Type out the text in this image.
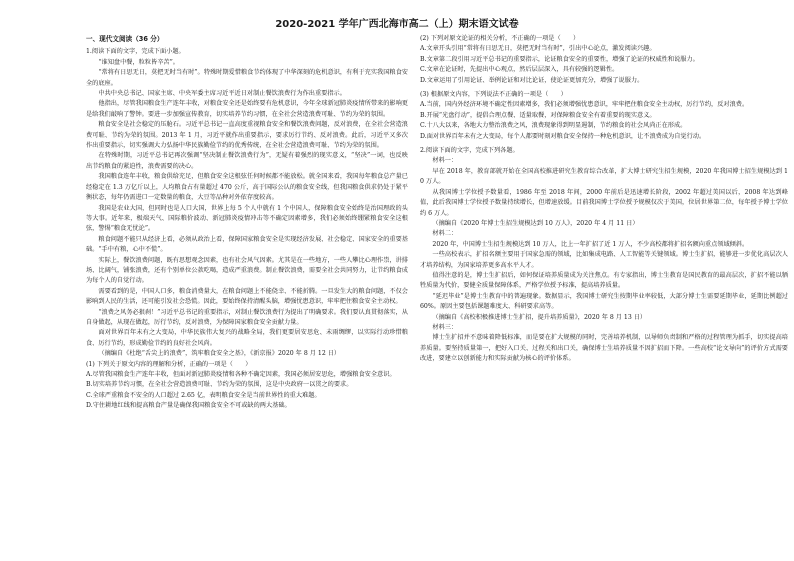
2020-2021 学年广西北海市高二（上）期末语文试卷
一、现代文阅读（36 分）

1.阅读下面的文字，完成下面小题。

“谁知盘中餐，粒粒皆辛苦”。

“常将有日思无日，莫把无时当有时”。特殊时期爱惜粮食节约体现了中华深刻的危机意识，有利于充实我国粮食安全的底座。

中共中央总书记、国家主席、中央军委主席习近平近日对制止餐饮浪费行为作出重要指示。

他指出，尽管我国粮食生产连年丰收，对粮食安全还是始终要有危机意识，今年全球新冠肺炎疫情所带来的影响更是给我们敲响了警钟。要进一步加强宣传教育，切实培养节约习惯，在全社会营造浪费可耻、节约为荣的氛围。

粮食安全是社会稳定的压舱石。习近平总书记一直高度重视粮食安全和餐饮浪费问题，反对浪费，在全社会营造浪费可耻、节约为荣的氛围。2013 年 1 月，习近平就作出重要指示，要求厉行节约、反对浪费。此后，习近平又多次作出重要指示，切实强调大力弘扬中华民族勤俭节约的优秀传统，在全社会营造浪费可耻、节约为荣的氛围。

在特殊时期，习近平总书记再次强调“坚决制止餐饮浪费行为”，无疑有着强烈的现实意义，“坚决”一词，也反映出节约粮食的紧迫性，浪费需要的决心。

我国粮食连年丰收，粮食供给充足，但粮食安全这根弦任何时候都不能放松。就全国来看，我国每年粮食总产量已经稳定在 1.3 万亿斤以上，人均粮食占有量超过 470 公斤，高于国际公认的粮食安全线，但我国粮食供求仍处于紧平衡状态，每年仍需进口一定数量的粮食，大豆等品种对外依存度较高。

我国是农业大国，但同时也是人口大国，世界上每 5 个人中就有 1 个中国人，保障粮食安全始终是治国理政的头等大事。近年来，极端天气、国际粮价波动、新冠肺炎疫情冲击等不确定因素增多，我们必须始终绷紧粮食安全这根弦，警惕“粮食无忧论”。

粮食问题不能只从经济上看，必须从政治上看，保障国家粮食安全是实现经济发展、社会稳定、国家安全的重要基础。“手中有粮，心中不慌”。

实际上，餐饮浪费问题，既有思想观念因素，也有社会风气因素。尤其是在一些地方，一些人攀比心理作祟，讲排场、比阔气，铺张浪费，还有个别单位公款吃喝，造成严重浪费。制止餐饮浪费，需要全社会共同努力，让节约粮食成为每个人的自觉行动。

需要看到的是，中国人口多，粮食消费量大，在粮食问题上不能侥幸、不能折腾。一旦发生大的粮食问题，不仅会影响到人民的生活，还可能引发社会恐慌。因此，要始终保持清醒头脑，增强忧患意识，牢牢把住粮食安全主动权。

“浪费之风务必狠刹！”习近平总书记的重要指示，对制止餐饮浪费行为提出了明确要求。我们要认真贯彻落实，从自身做起，从现在做起，厉行节约，反对浪费，为保障国家粮食安全贡献力量。

面对世界百年未有之大变局，中华民族伟大复兴的战略全局，我们更要居安思危、未雨绸缪，以实际行动珍惜粮食、厉行节约，形成勤俭节约的良好社会风尚。

（摘编自《杜绝“舌尖上的浪费”，筑牢粮食安全之基》，《新京报》2020 年 8 月 12 日）

(1) 下列关于原文内容的理解和分析，正确的一项是（　　）

A.尽管我国粮食生产连年丰收，但面对新冠肺炎疫情和各种不确定因素，我国必须居安思危，增强粮食安全意识。

B.切实培养节约习惯，在全社会营造浪费可耻、节约为荣的氛围，这是中央政府一以贯之的要求。

C.全球严重粮食不安全的人口超过 2.65 亿，表明粮食安全是当前世界性的重大难题。

D.守住耕地红线和提高粮食产量是确保我国粮食安全不可或缺的两大基础。

(2) 下列对原文论证的相关分析，不正确的一项是（　　）

A.文章开头引用“常将有日思无日，莫把无时当有时”，引出中心论点，激发阅读兴趣。

B.文章第二段引用习近平总书记的重要指示，论证粮食安全的重要性，增强了论证的权威性和说服力。

C.文章在论证时，先提出中心观点，然后层层深入，具有较强的逻辑性。

D.文章运用了引用论证、举例论证和对比论证，使论证更加充分，增强了说服力。

(3) 根据原文内容，下列说法不正确的一项是（　　）

A.当前，国内外经济环境不确定性因素增多，我们必须增强忧患意识，牢牢把住粮食安全主动权，厉行节约，反对浪费。

B.开展“光盘行动”，提倡合理点餐、适量取餐，对保障粮食安全有着重要的现实意义。

C.十八大以来，各地大力整治浪费之风，浪费现象得到明显遏制，节约粮食的社会风尚正在形成。

D.面对世界百年未有之大变局，每个人都要时刻对粮食安全保持一种危机意识，让不浪费成为自觉行动。

2.阅读下面的文字，完成下列各题。

材料一：

早在 2018 年，教育部就开始在全国高校推进研究生教育综合改革，扩大博士研究生招生规模，2020 年我国博士招生规模达到 10 万人。

从我国博士学位授予数量看，1986 年至 2018 年间，2000 年前后是迅速增长阶段，2002 年超过美国以后，2008 年达到峰值，此后我国博士学位授予数量持续增长，但增速放缓。目前我国博士学位授予规模仅次于美国，位居世界第二位，每年授予博士学位约 6 万人。

（摘编自《2020 年博士生招生规模达到 10 万人》，2020 年 4 月 11 日）

材料二：

2020 年，中国博士生招生规模达到 10 万人，比上一年扩招了近 1 万人，不少高校都将扩招名额向重点领域倾斜。

一些高校表示，扩招名额主要用于国家急需的领域，比如集成电路、人工智能等关键领域。博士生扩招，能够进一步优化高层次人才培养结构，为国家培养更多高水平人才。

值得注意的是，博士生扩招后，如何保证培养质量成为关注焦点。有专家指出，博士生教育是国民教育的最高层次，扩招不能以牺牲质量为代价，要健全质量保障体系，严格学位授予标准，提高培养质量。

“延迟毕业”是博士生教育中的普遍现象。数据显示，我国博士研究生按期毕业率较低，大部分博士生需要延期毕业，延期比例超过 60%。原因主要包括课题难度大、科研要求高等。

（摘编自《高校积极推进博士生扩招，提升培养质量》，2020 年 8 月 13 日）

材料三：

博士生扩招并不意味着降低标准，而是要在扩大规模的同时，完善培养机制，以导师负责制和严格的过程管理为抓手，切实提高培养质量。要坚持质量第一，把好入口关、过程关和出口关，确保博士生培养质量不因扩招而下降。一些高校“论文导向”的评价方式需要改进，要建立以创新能力和实际贡献为核心的评价体系。
